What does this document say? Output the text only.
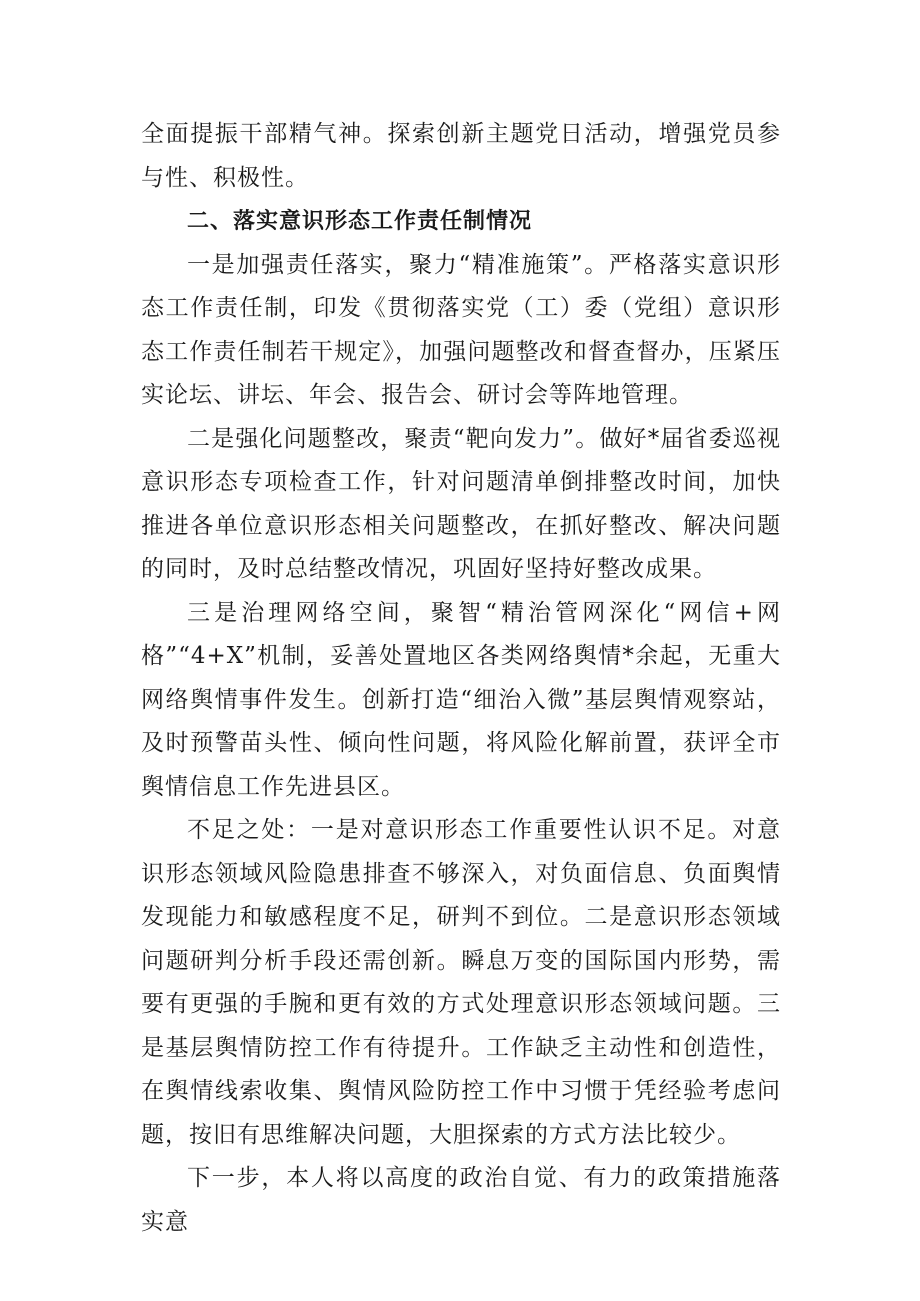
全面提振干部精气神。探索创新主题党日活动，增强党员参与性、积极性。

二、落实意识形态工作责任制情况

一是加强责任落实，聚力“精准施策”。严格落实意识形态工作责任制，印发《贯彻落实党（工）委（党组）意识形态工作责任制若干规定》，加强问题整改和督查督办，压紧压实论坛、讲坛、年会、报告会、研讨会等阵地管理。

二是强化问题整改，聚责“靶向发力”。做好*届省委巡视意识形态专项检查工作，针对问题清单倒排整改时间，加快推进各单位意识形态相关问题整改，在抓好整改、解决问题的同时，及时总结整改情况，巩固好坚持好整改成果。

三是治理网络空间，聚智“精治管网深化“网信+网格”“4+X”机制，妥善处置地区各类网络舆情*余起，无重大网络舆情事件发生。创新打造“细治入微”基层舆情观察站，及时预警苗头性、倾向性问题，将风险化解前置，获评全市舆情信息工作先进县区。

不足之处：一是对意识形态工作重要性认识不足。对意识形态领域风险隐患排查不够深入，对负面信息、负面舆情发现能力和敏感程度不足，研判不到位。二是意识形态领域问题研判分析手段还需创新。瞬息万变的国际国内形势，需要有更强的手腕和更有效的方式处理意识形态领域问题。三是基层舆情防控工作有待提升。工作缺乏主动性和创造性，在舆情线索收集、舆情风险防控工作中习惯于凭经验考虑问题，按旧有思维解决问题，大胆探索的方式方法比较少。

下一步，本人将以高度的政治自觉、有力的政策措施落实意
